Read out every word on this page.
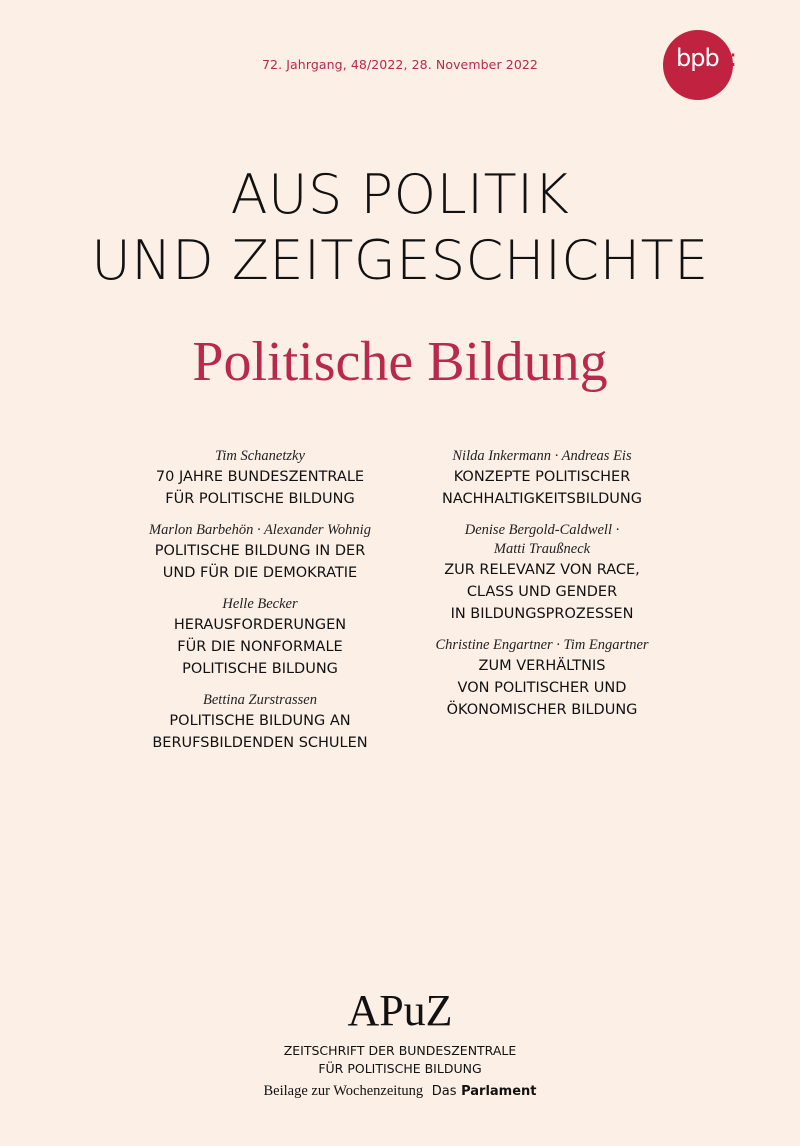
72. Jahrgang, 48/2022, 28. November 2022	bpb :
AUS POLITIK
UND ZEITGESCHICHTE
Politische Bildung
Tim Schanetzky
70 JAHRE BUNDESZENTRALE
FÜR POLITISCHE BILDUNG
Marlon Barbehön · Alexander Wohnig
POLITISCHE BILDUNG IN DER
UND FÜR DIE DEMOKRATIE
Helle Becker
HERAUSFORDERUNGEN
FÜR DIE NONFORMALE
POLITISCHE BILDUNG
Bettina Zurstrassen
POLITISCHE BILDUNG AN
BERUFSBILDENDEN SCHULEN
Nilda Inkermann · Andreas Eis
KONZEPTE POLITISCHER
NACHHALTIGKEITSBILDUNG
Denise Bergold-Caldwell ·
Matti Traußneck
ZUR RELEVANZ VON RACE,
CLASS UND GENDER
IN BILDUNGSPROZESSEN
Christine Engartner · Tim Engartner
ZUM VERHÄLTNIS
VON POLITISCHER UND
ÖKONOMISCHER BILDUNG
APuZ
ZEITSCHRIFT DER BUNDESZENTRALE
FÜR POLITISCHE BILDUNG
Beilage zur Wochenzeitung Das Parlament
